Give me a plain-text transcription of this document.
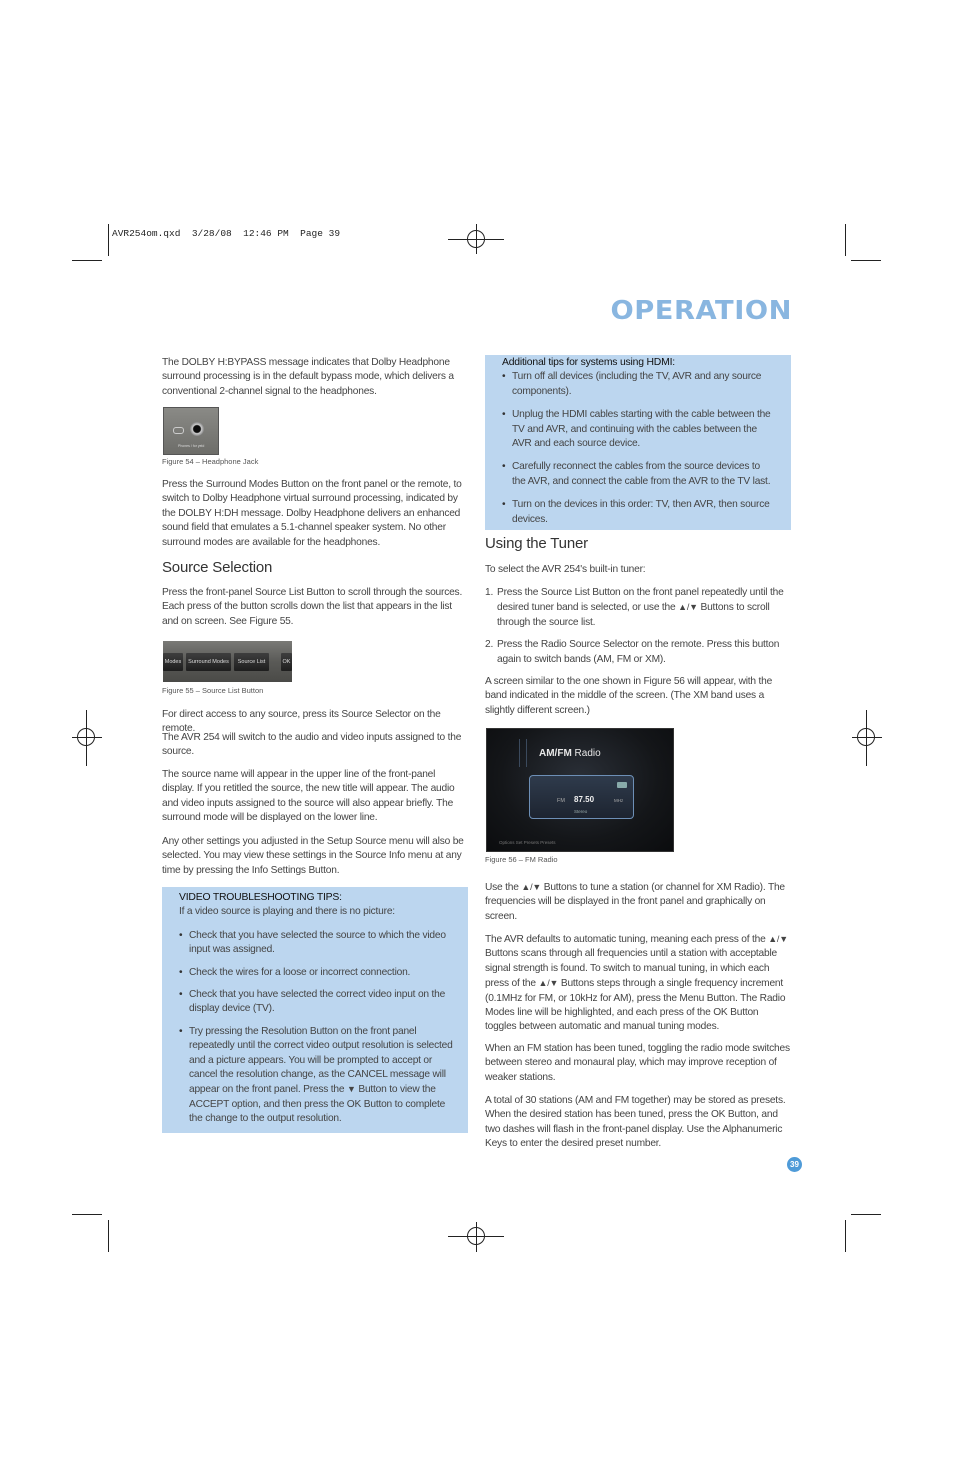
AVR254om.qxd  3/28/08  12:46 PM  Page 39
OPERATION

The DOLBY H:BYPASS message indicates that Dolby Headphone surround processing is in the default bypass mode, which delivers a conventional 2-channel signal to the headphones.

Phones / for yeld
Figure 54 – Headphone Jack

Press the Surround Modes Button on the front panel or the remote, to switch to Dolby Headphone virtual surround processing, indicated by the DOLBY H:DH message. Dolby Headphone delivers an enhanced sound field that emulates a 5.1-channel speaker system. No other surround modes are available for the headphones.

Source Selection

Press the front-panel Source List Button to scroll through the sources. Each press of the button scrolls down the list that appears in the list and on screen. See Figure 55.

Modes	Surround Modes	Source List	OK
Figure 55 – Source List Button

For direct access to any source, press its Source Selector on the remote.

The AVR 254 will switch to the audio and video inputs assigned to the source.

The source name will appear in the upper line of the front-panel display. If you retitled the source, the new title will appear. The audio and video inputs assigned to the source will also appear briefly. The surround mode will be displayed on the lower line.

Any other settings you adjusted in the Setup Source menu will also be selected. You may view these settings in the Source Info menu at any time by pressing the Info Settings Button.

VIDEO TROUBLESHOOTING TIPS:
If a video source is playing and there is no picture:
• Check that you have selected the source to which the video input was assigned.
• Check the wires for a loose or incorrect connection.
• Check that you have selected the correct video input on the display device (TV).
• Try pressing the Resolution Button on the front panel repeatedly until the correct video output resolution is selected and a picture appears. You will be prompted to accept or cancel the resolution change, as the CANCEL message will appear on the front panel. Press the ▼ Button to view the ACCEPT option, and then press the OK Button to complete the change to the output resolution.
Additional tips for systems using HDMI:
• Turn off all devices (including the TV, AVR and any source components).
• Unplug the HDMI cables starting with the cable between the TV and AVR, and continuing with the cables between the AVR and each source device.
• Carefully reconnect the cables from the source devices to the AVR, and connect the cable from the AVR to the TV last.
• Turn on the devices in this order: TV, then AVR, then source devices.
Using the Tuner

To select the AVR 254's built-in tuner:

1. Press the Source List Button on the front panel repeatedly until the desired tuner band is selected, or use the ▲/▼ Buttons to scroll through the source list.
2. Press the Radio Source Selector on the remote. Press this button again to switch bands (AM, FM or XM).

A screen similar to the one shown in Figure 56 will appear, with the band indicated in the middle of the screen. (The XM band uses a slightly different screen.)

AM/FM Radio
FM 87.50	MHz
Stereo
Options Set Presets Presets
Figure 56 – FM Radio

Use the ▲/▼ Buttons to tune a station (or channel for XM Radio). The frequencies will be displayed in the front panel and graphically on screen.

The AVR defaults to automatic tuning, meaning each press of the ▲/▼ Buttons scans through all frequencies until a station with acceptable signal strength is found. To switch to manual tuning, in which each press of the ▲/▼ Buttons steps through a single frequency increment (0.1MHz for FM, or 10kHz for AM), press the Menu Button. The Radio Modes line will be highlighted, and each press of the OK Button toggles between automatic and manual tuning modes.

When an FM station has been tuned, toggling the radio mode switches between stereo and monaural play, which may improve reception of weaker stations.

A total of 30 stations (AM and FM together) may be stored as presets. When the desired station has been tuned, press the OK Button, and two dashes will flash in the front-panel display. Use the Alphanumeric Keys to enter the desired preset number.

39
